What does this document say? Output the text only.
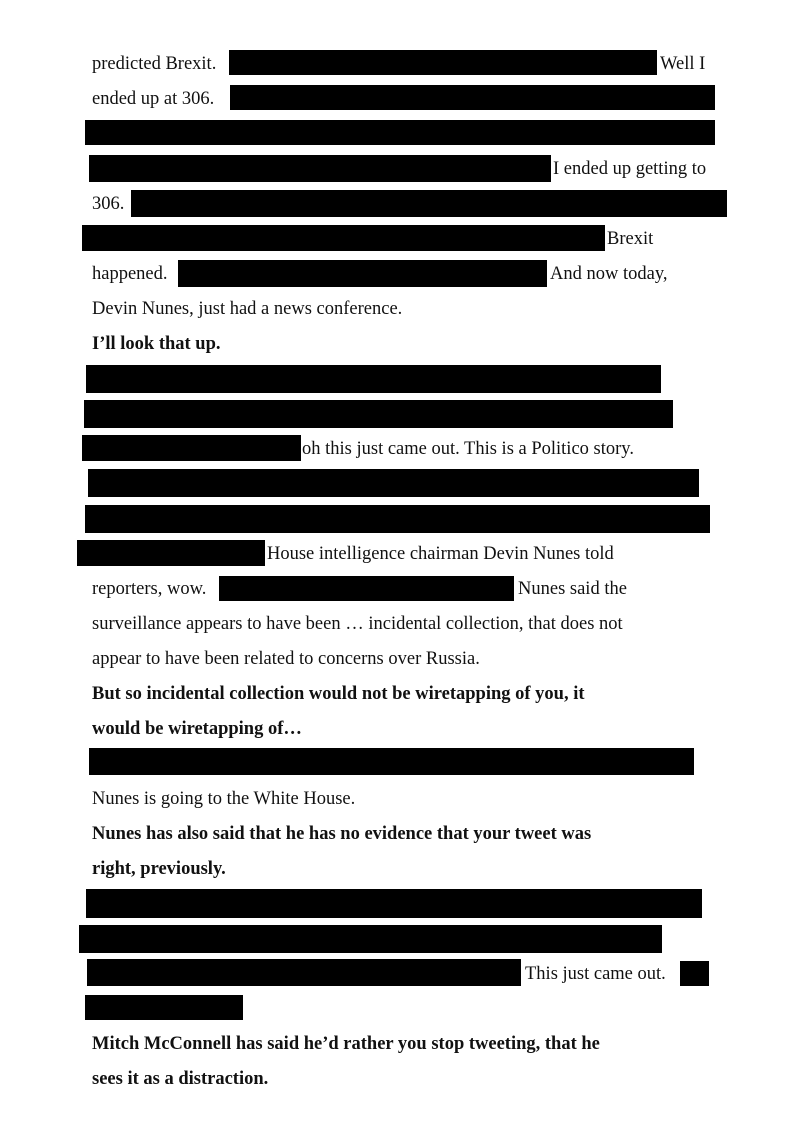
predicted Brexit.	Well I
ended up at 306.
I ended up getting to
306.
Brexit
happened.	And now today,
Devin Nunes, just had a news conference.
I’ll look that up.
oh this just came out. This is a Politico story.
House intelligence chairman Devin Nunes told
reporters, wow.	Nunes said the
surveillance appears to have been … incidental collection, that does not
appear to have been related to concerns over Russia.
But so incidental collection would not be wiretapping of you, it
would be wiretapping of…
Nunes is going to the White House.
Nunes has also said that he has no evidence that your tweet was
right, previously.
This just came out.
Mitch McConnell has said he’d rather you stop tweeting, that he
sees it as a distraction.
